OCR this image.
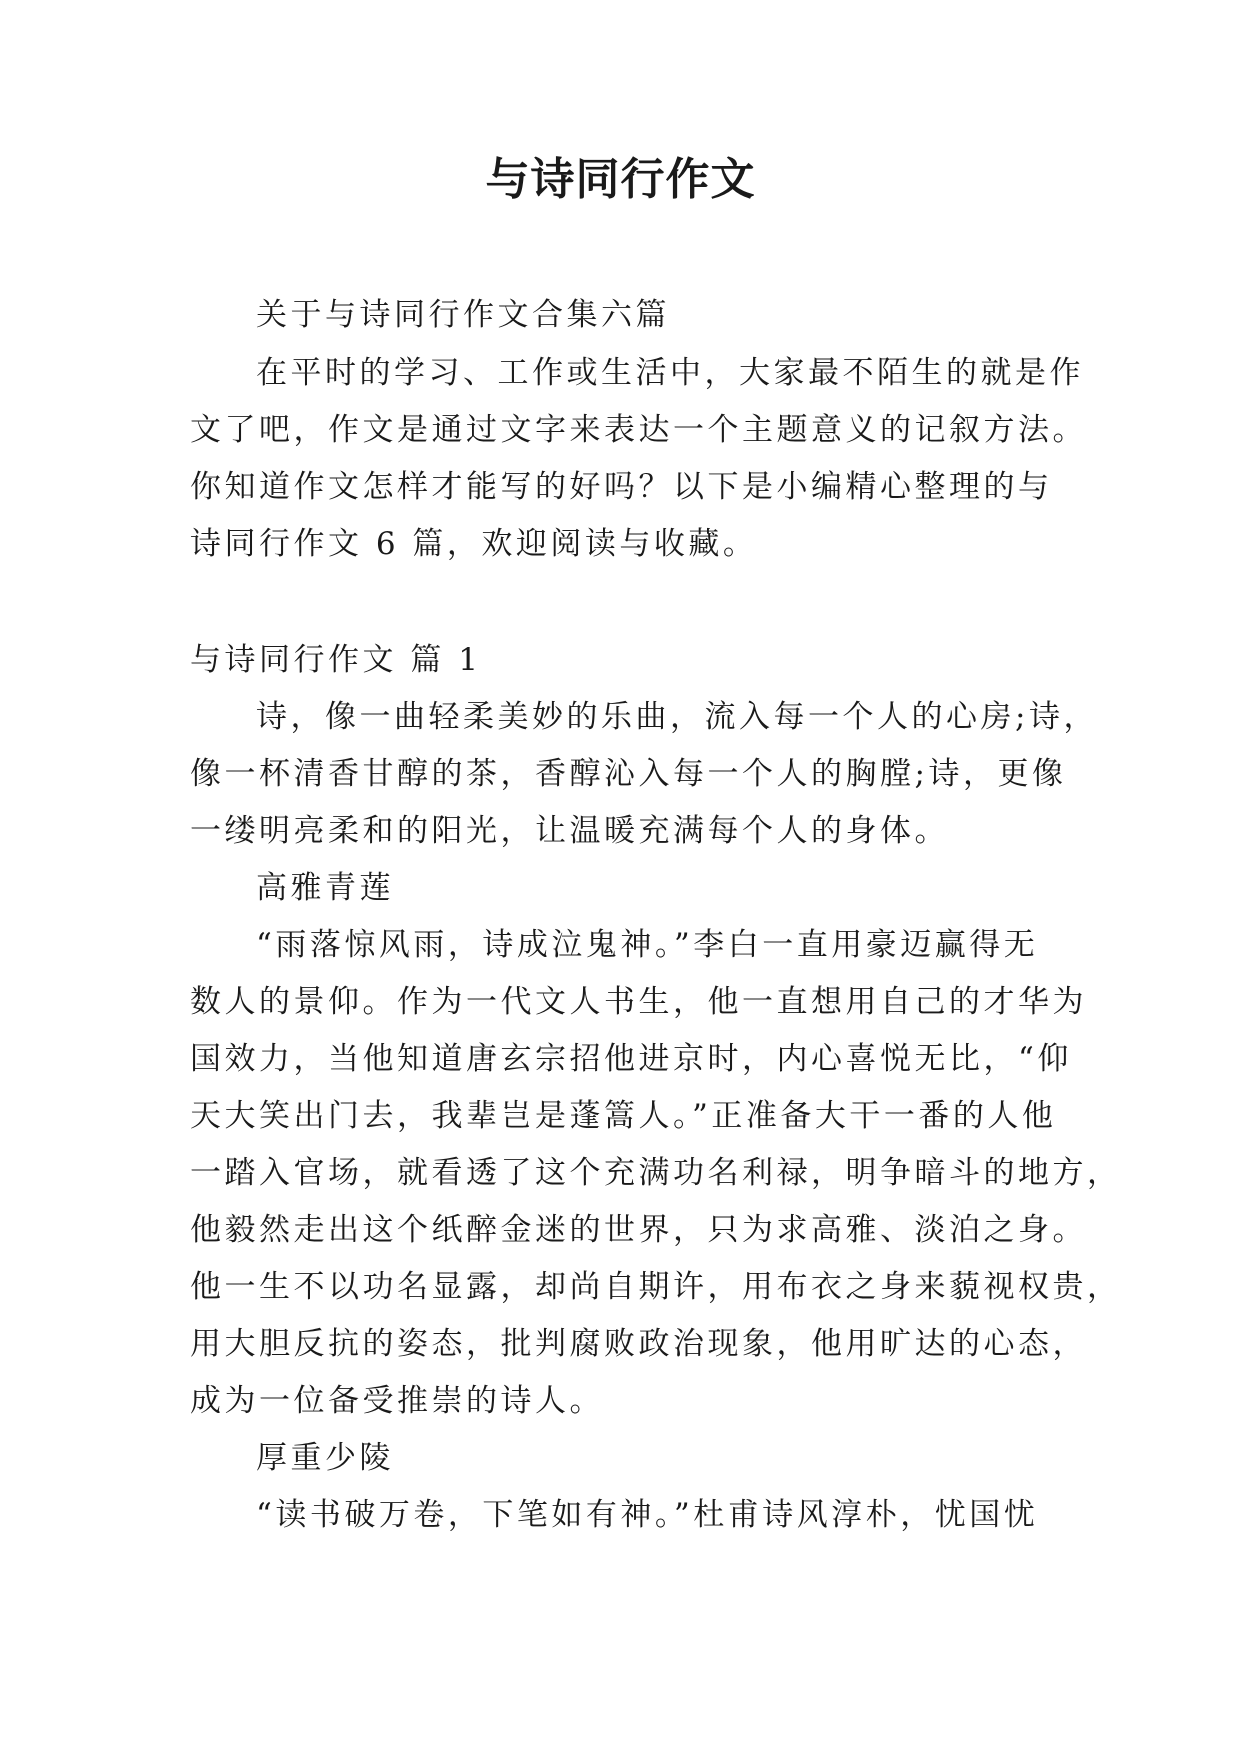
与诗同行作文
关于与诗同行作文合集六篇
在平时的学习、工作或生活中，大家最不陌生的就是作
文了吧，作文是通过文字来表达一个主题意义的记叙方法。
你知道作文怎样才能写的好吗？以下是小编精心整理的与
诗同行作文 6 篇，欢迎阅读与收藏。
与诗同行作文 篇 1
诗，像一曲轻柔美妙的乐曲，流入每一个人的心房;诗，
像一杯清香甘醇的茶，香醇沁入每一个人的胸膛;诗，更像
一缕明亮柔和的阳光，让温暖充满每个人的身体。
高雅青莲
“雨落惊风雨，诗成泣鬼神。”李白一直用豪迈赢得无
数人的景仰。作为一代文人书生，他一直想用自己的才华为
国效力，当他知道唐玄宗招他进京时，内心喜悦无比，“仰
天大笑出门去，我辈岂是蓬篙人。”正准备大干一番的人他
一踏入官场，就看透了这个充满功名利禄，明争暗斗的地方，
他毅然走出这个纸醉金迷的世界，只为求高雅、淡泊之身。
他一生不以功名显露，却尚自期许，用布衣之身来藐视权贵，
用大胆反抗的姿态，批判腐败政治现象，他用旷达的心态，
成为一位备受推崇的诗人。
厚重少陵
“读书破万卷，下笔如有神。”杜甫诗风淳朴，忧国忧
